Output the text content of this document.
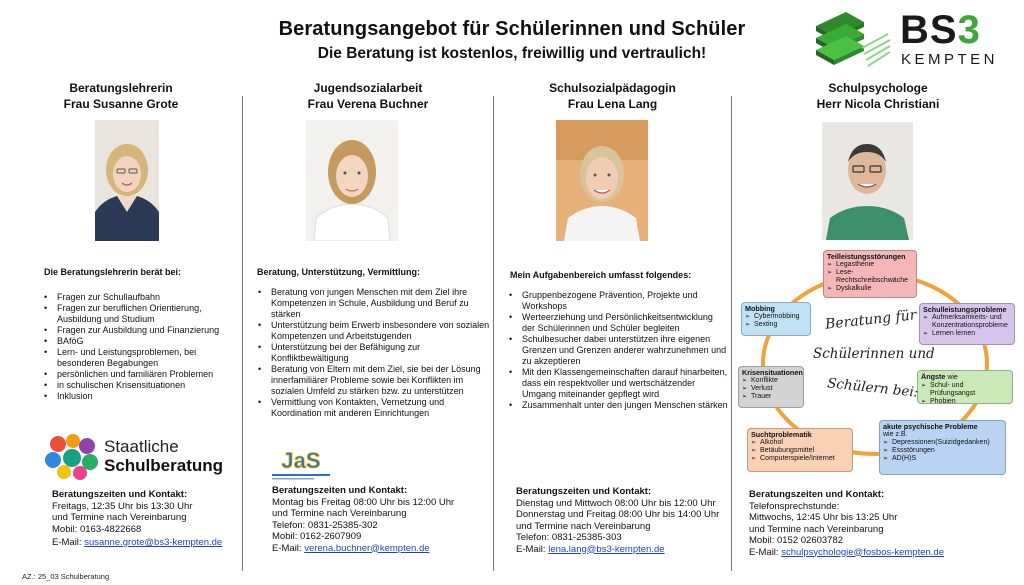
Beratungsangebot für Schülerinnen und Schüler
Die Beratung ist kostenlos, freiwillig und vertraulich!
BS3
KEMPTEN
Beratungslehrerin
Frau Susanne Grote
Die Beratungslehrerin berät bei:
• Fragen zur Schullaufbahn
• Fragen zur beruflichen Orientierung, Ausbildung und Studium
• Fragen zur Ausbildung und Finanzierung
• BAföG
• Lern- und Leistungsproblemen, bei besonderen Begabungen
• persönlichen und familiären Problemen
• in schulischen Krisensituationen
• Inklusion
Staatliche
Schulberatung
Beratungszeiten und Kontakt:
Freitags, 12:35 Uhr bis 13:30 Uhr
und Termine nach Vereinbarung
Mobil: 0163-4822668
E-Mail: susanne.grote@bs3-kempten.de
Jugendsozialarbeit
Frau Verena Buchner
Beratung, Unterstützung, Vermittlung:
• Beratung von jungen Menschen mit dem Ziel ihre Kompetenzen in Schule, Ausbildung und Beruf zu stärken
• Unterstützung beim Erwerb insbesondere von sozialen Kompetenzen und Arbeitstugenden
• Unterstützung bei der Befähigung zur Konfliktbewältigung
• Beratung von Eltern mit dem Ziel, sie bei der Lösung innerfamiliärer Probleme sowie bei Konflikten im sozialen Umfeld zu stärken bzw. zu unterstützen
• Vermittlung von Kontakten, Vernetzung und Koordination mit anderen Einrichtungen
JaS
Beratungszeiten und Kontakt:
Montag bis Freitag 08:00 Uhr bis 12:00 Uhr
und Termine nach Vereinbarung
Telefon: 0831-25385-302
Mobil: 0162-2607909
E-Mail: verena.buchner@kempten.de
Schulsozialpädagogin
Frau Lena Lang
Mein Aufgabenbereich umfasst folgendes:
• Gruppenbezogene Prävention, Projekte und Workshops
• Werteerziehung und Persönlichkeitsentwicklung der Schülerinnen und Schüler begleiten
• Schulbesucher dabei unterstützen ihre eigenen Grenzen und Grenzen anderer wahrzunehmen und zu akzeptieren
• Mit den Klassengemeinschaften darauf hinarbeiten, dass ein respektvoller und wertschätzender Umgang miteinander gepflegt wird
• Zusammenhalt unter den jungen Menschen stärken
Beratungszeiten und Kontakt:
Dienstag und Mittwoch 08:00 Uhr bis 12:00 Uhr
Donnerstag und Freitag 08:00 Uhr bis 14:00 Uhr
und Termine nach Vereinbarung
Telefon: 0831-25385-303
E-Mail: lena.lang@bs3-kempten.de
Schulpsychologe
Herr Nicola Christiani
Teilleistungsstörungen
➢ Legasthenie
➢ Lese-Rechtschreibschwäche
➢ Dyskalkulie
Schulleistungsprobleme
➢ Aufmerksamkeits- und Konzentrationsprobleme
➢ Lernen lernen
Ängste wie
➢ Schul- und Prüfungsangst
➢ Phobien
akute psychische Probleme
wie z.B.
➢ Depressionen(Suizidgedanken)
➢ Essstörungen
➢ AD(H)S
Suchtproblematik
➢ Alkohol
➢ Betäubungsmittel
➢ Computerspiele/Internet
Krisensituationen
➢ Konflikte
➢ Verlust
➢ Trauer
Mobbing
➢ Cybermobbing
➢ Sexting	Beratung für
Schülerinnen und
Schülern bei:
Beratungszeiten und Kontakt:
Telefonsprechstunde:
Mittwochs, 12:45 Uhr bis 13:25 Uhr
und Termine nach Vereinbarung
Mobil: 0152 02603782
E-Mail: schulpsychologie@fosbos-kempten.de
AZ.: 25_03 Schulberatung
